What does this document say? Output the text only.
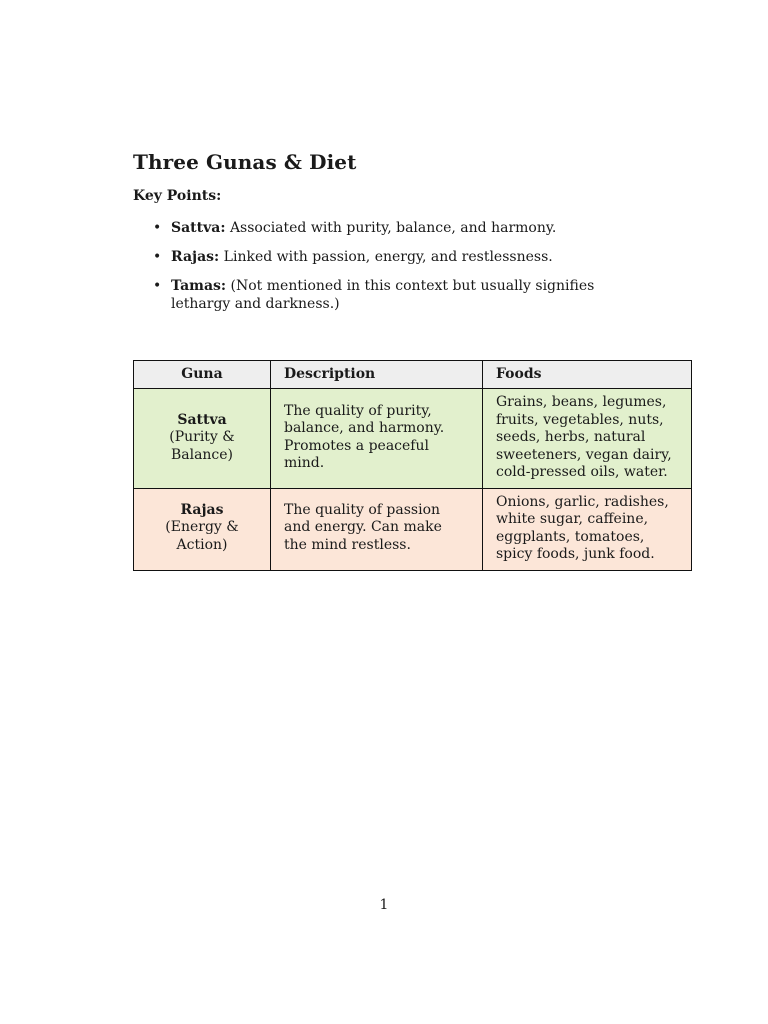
Three Gunas & Diet
Key Points:
• Sattva: Associated with purity, balance, and harmony.
• Rajas: Linked with passion, energy, and restlessness.
• Tamas: (Not mentioned in this context but usually signifies lethargy and darkness.)
Guna	Description	Foods

Sattva
(Purity & Balance)	The quality of purity, balance, and harmony. Promotes a peaceful mind.	Grains, beans, legumes, fruits, vegetables, nuts, seeds, herbs, natural sweeteners, vegan dairy, cold-pressed oils, water.

Rajas
(Energy & Action)	The quality of passion and energy. Can make the mind restless.	Onions, garlic, radishes, white sugar, caffeine, eggplants, tomatoes, spicy foods, junk food.
1
